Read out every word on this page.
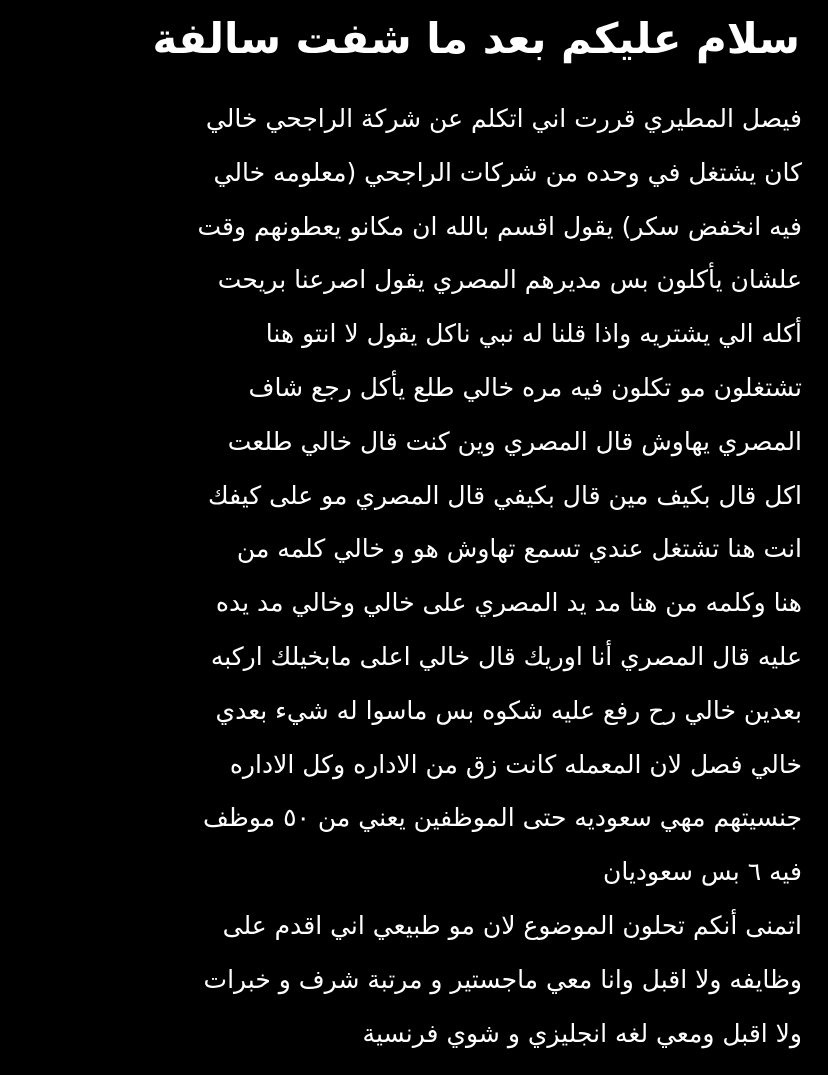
سلام عليكم بعد ما شفت سالفة
فيصل المطيري قررت اني اتكلم عن شركة الراجحي خالي
كان يشتغل في وحده من شركات الراجحي (معلومه خالي
فيه انخفض سكر) يقول اقسم بالله ان مكانو يعطونهم وقت
علشان يأكلون بس مديرهم المصري يقول اصرعنا بريحت
أكله الي يشتريه واذا قلنا له نبي ناكل يقول لا انتو هنا
تشتغلون مو تكلون فيه مره خالي طلع يأكل رجع شاف
المصري يهاوش قال المصري وين كنت قال خالي طلعت
اكل قال بكيف مين قال بكيفي قال المصري مو على كيفك
انت هنا تشتغل عندي تسمع تهاوش هو و خالي كلمه من
هنا وكلمه من هنا مد يد المصري على خالي وخالي مد يده
عليه قال المصري أنا اوريك قال خالي اعلى مابخيلك اركبه
بعدين خالي رح رفع عليه شكوه بس ماسوا له شيء بعدي
خالي فصل لان المعمله كانت زق من الاداره وكل الاداره
جنسيتهم مهي سعوديه حتى الموظفين يعني من ٥٠ موظف
فيه ٦ بس سعوديان
اتمنى أنكم تحلون الموضوع لان مو طبيعي اني اقدم على
وظايفه ولا اقبل وانا معي ماجستير و مرتبة شرف و خبرات
ولا اقبل ومعي لغه انجليزي و شوي فرنسية
